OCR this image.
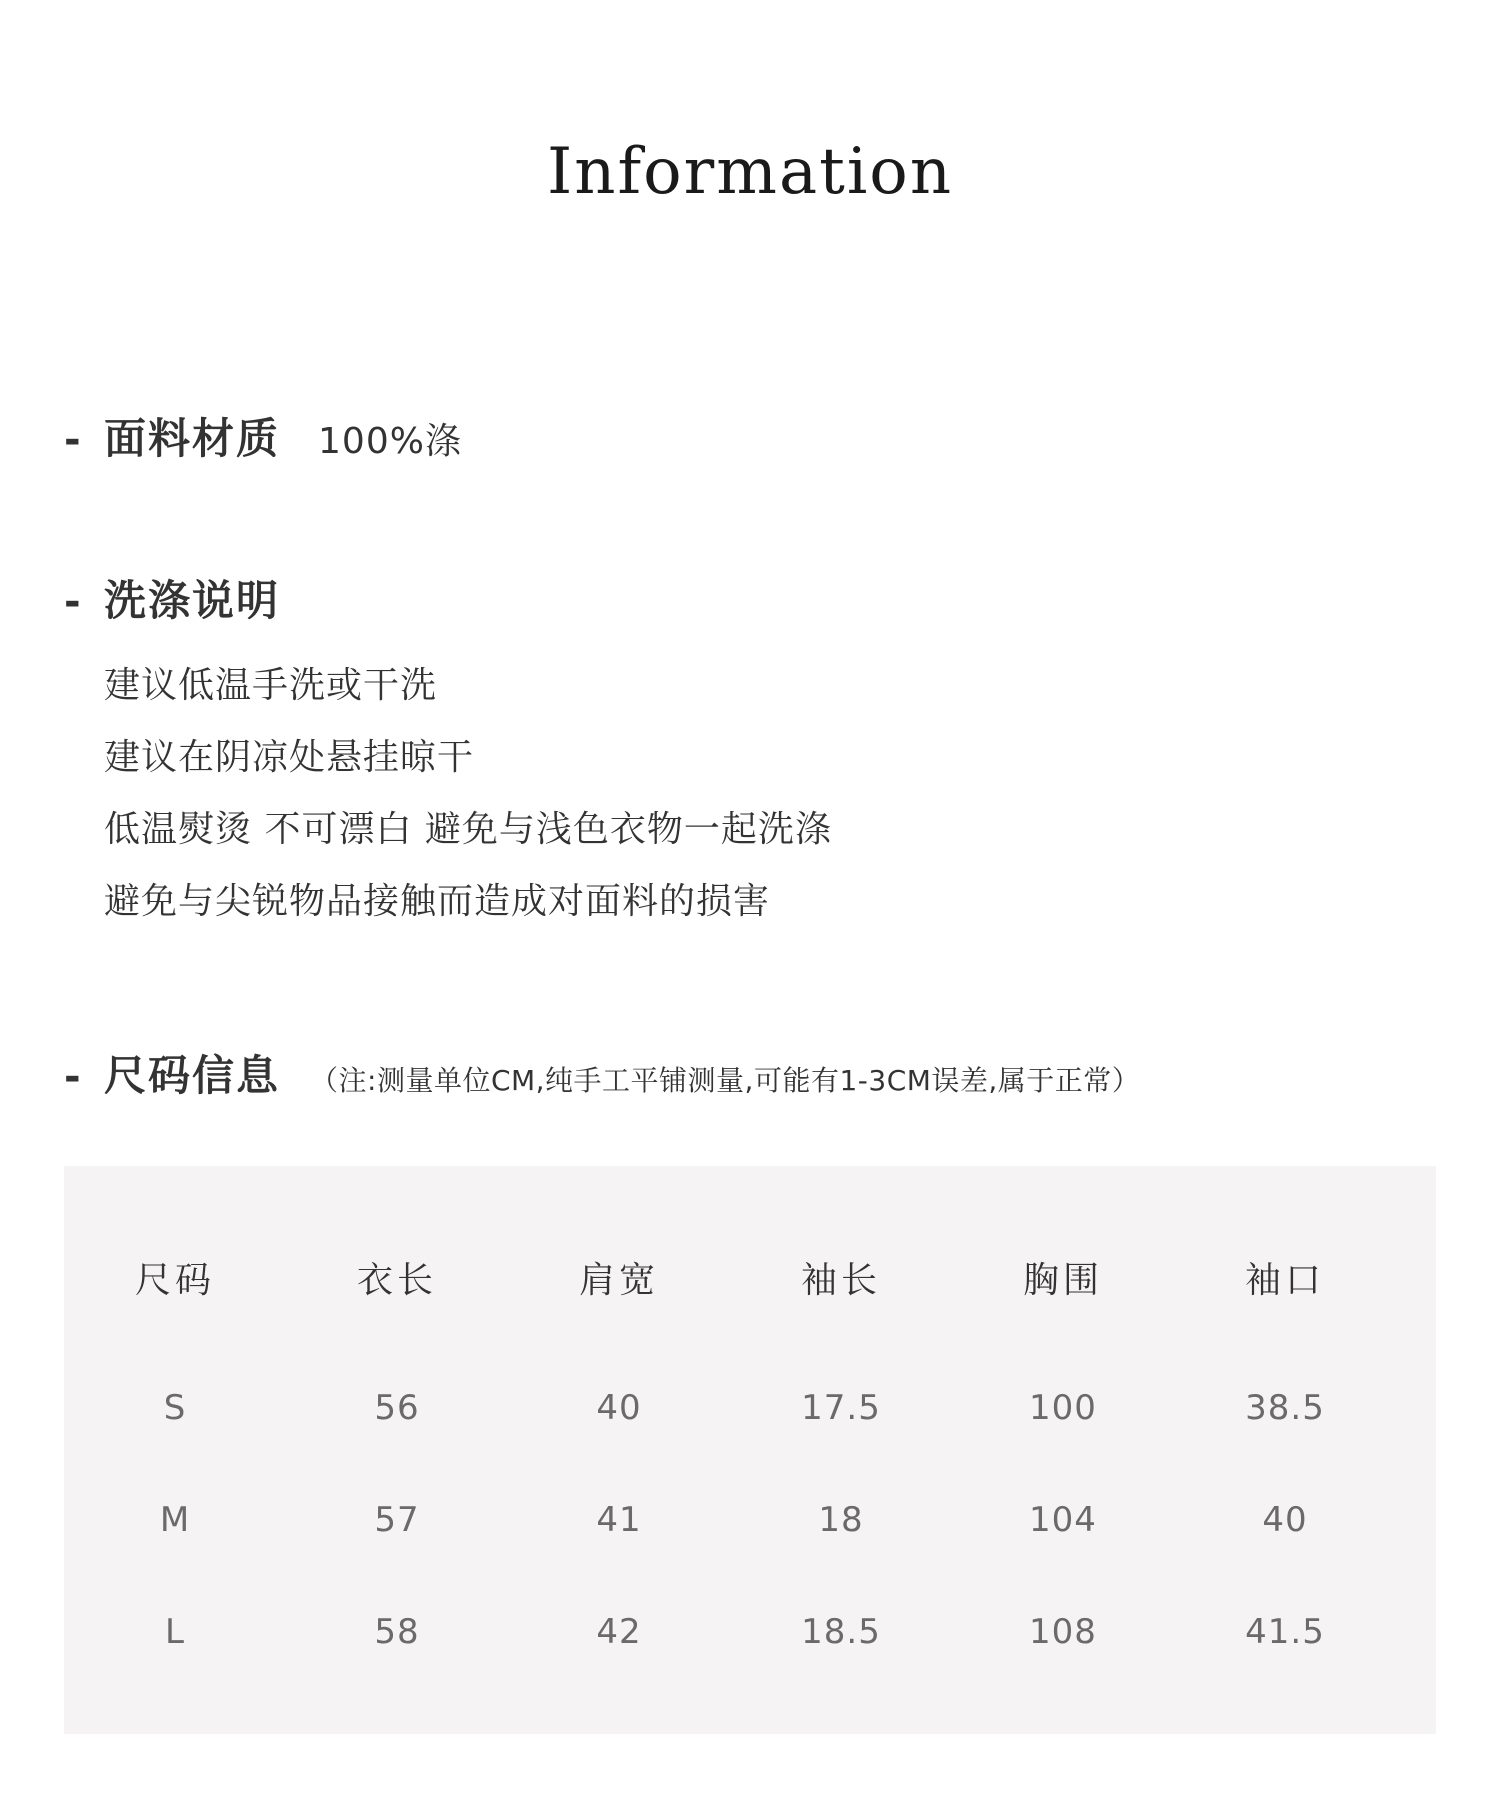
Information
- 面料材质 100%涤
- 洗涤说明
建议低温手洗或干洗
建议在阴凉处悬挂晾干
低温熨烫 不可漂白 避免与浅色衣物一起洗涤
避免与尖锐物品接触而造成对面料的损害
- 尺码信息 （注:测量单位CM,纯手工平铺测量,可能有1-3CM误差,属于正常）
尺码	衣长	肩宽	袖长	胸围	袖口
S	56	40	17.5	100	38.5
M	57	41	18	104	40
L	58	42	18.5	108	41.5
